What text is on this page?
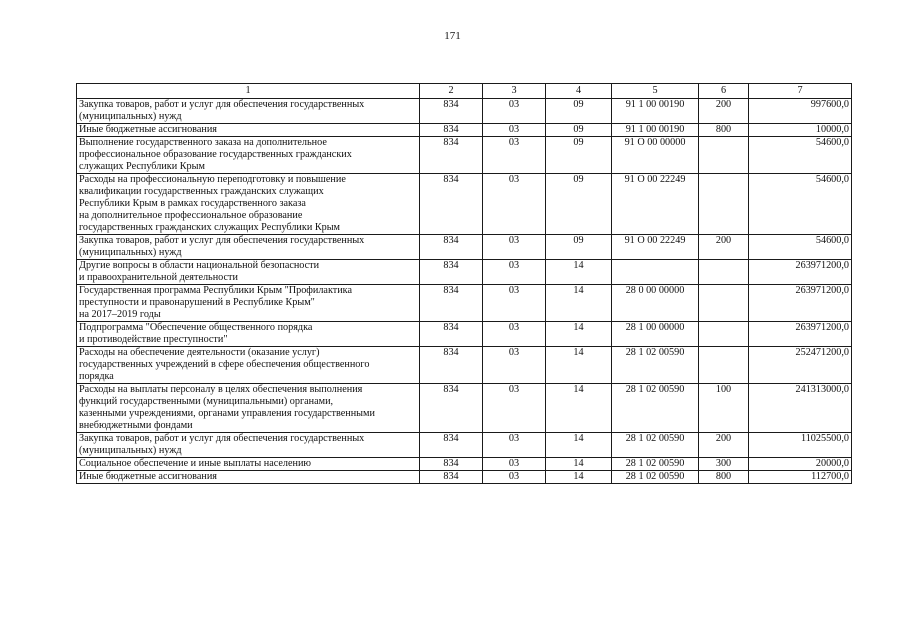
171
1	2	3	4	5	6	7

Закупка товаров, работ и услуг для обеспечения государственных
(муниципальных) нужд	834	03	09	91 1 00 00190	200	997600,0

Иные бюджетные ассигнования	834	03	09	91 1 00 00190	800	10000,0

Выполнение государственного заказа на дополнительное
профессиональное образование государственных гражданских
служащих Республики Крым	834	03	09	91 О 00 00000		54600,0

Расходы на профессиональную переподготовку и повышение
квалификации государственных гражданских служащих
Республики Крым в рамках государственного заказа
на дополнительное профессиональное образование
государственных гражданских служащих Республики Крым	834	03	09	91 О 00 22249		54600,0

Закупка товаров, работ и услуг для обеспечения государственных
(муниципальных) нужд	834	03	09	91 О 00 22249	200	54600,0

Другие вопросы в области национальной безопасности
и правоохранительной деятельности	834	03	14			263971200,0

Государственная программа Республики Крым "Профилактика
преступности и правонарушений в Республике Крым"
на 2017–2019 годы	834	03	14	28 0 00 00000		263971200,0

Подпрограмма "Обеспечение общественного порядка
и противодействие преступности"	834	03	14	28 1 00 00000		263971200,0

Расходы на обеспечение деятельности (оказание услуг)
государственных учреждений в сфере обеспечения общественного
порядка	834	03	14	28 1 02 00590		252471200,0

Расходы на выплаты персоналу в целях обеспечения выполнения
функций государственными (муниципальными) органами,
казенными учреждениями, органами управления государственными
внебюджетными фондами	834	03	14	28 1 02 00590	100	241313000,0

Закупка товаров, работ и услуг для обеспечения государственных
(муниципальных) нужд	834	03	14	28 1 02 00590	200	11025500,0

Социальное обеспечение и иные выплаты населению	834	03	14	28 1 02 00590	300	20000,0

Иные бюджетные ассигнования	834	03	14	28 1 02 00590	800	112700,0
